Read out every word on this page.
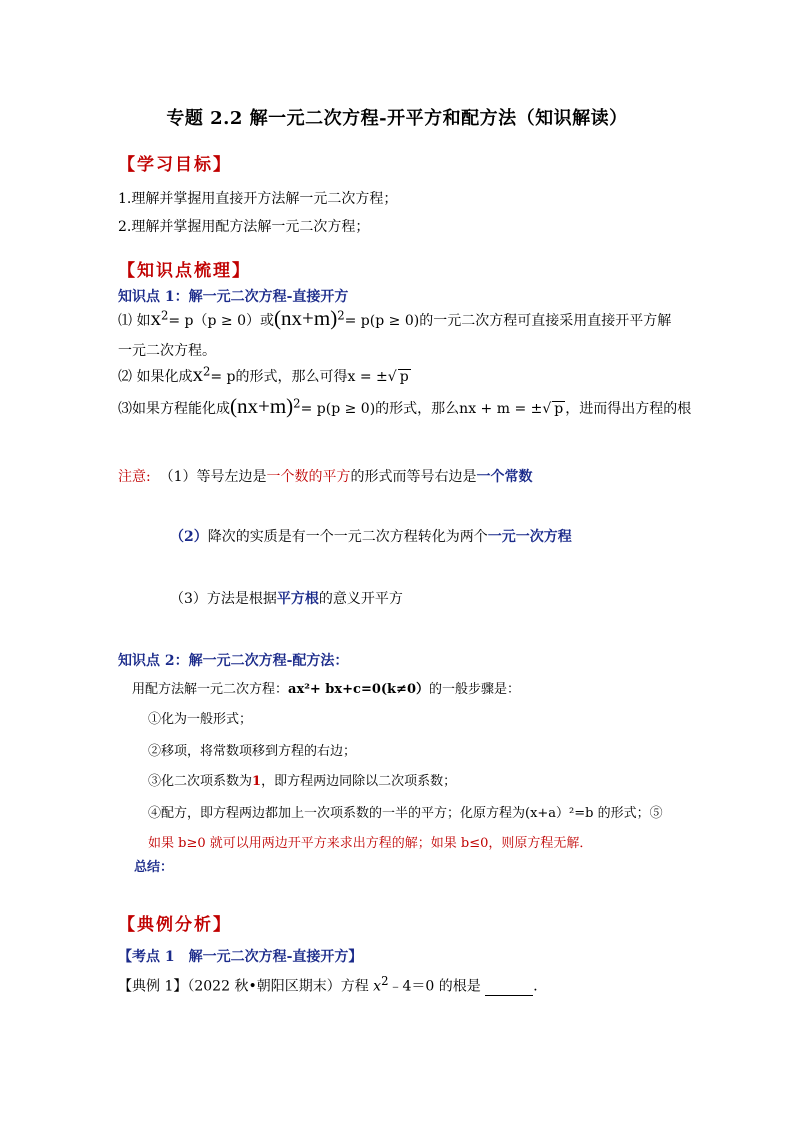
专题 2.2 解一元二次方程-开平方和配方法（知识解读）
【学习目标】
1.理解并掌握用直接开方法解一元二次方程；
2.理解并掌握用配方法解一元二次方程；
【知识点梳理】
知识点 1：解一元二次方程-直接开方
⑴ 如$x^2= p(p \ge 0)$或$(nx+m)^2= p(p \ge 0)$的一元二次方程可直接采用直接开平方解
一元二次方程。
⑵ 如果化成$x^2= p$的形式，那么可得x = ±√ p
⑶如果方程能化成$(nx+m)^2= p(p \ge 0)$的形式，那么nx + m = ±√ p ，进而得出方程的根
注意: （1）等号左边是一个数的平方的形式而等号右边是一个常数
（2）降次的实质是有一个一元二次方程转化为两个一元一次方程
（3）方法是根据平方根的意义开平方
知识点 2：解一元二次方程-配方法：
用配方法解一元二次方程：ax²+ bx+c=0(k≠0）的一般步骤是：
①化为一般形式；
②移项，将常数项移到方程的右边；
③化二次项系数为1，即方程两边同除以二次项系数；
④配方，即方程两边都加上一次项系数的一半的平方；化原方程为(x+a）²=b 的形式；⑤
如果 b≥0 就可以用两边开平方来求出方程的解；如果 b≤0，则原方程无解．
总结：
【典例分析】
【考点 1　解一元二次方程-直接开方】
【典例 1】（2022 秋•朝阳区期末）方程 $x^2﹣4=0$ 的根是	．
